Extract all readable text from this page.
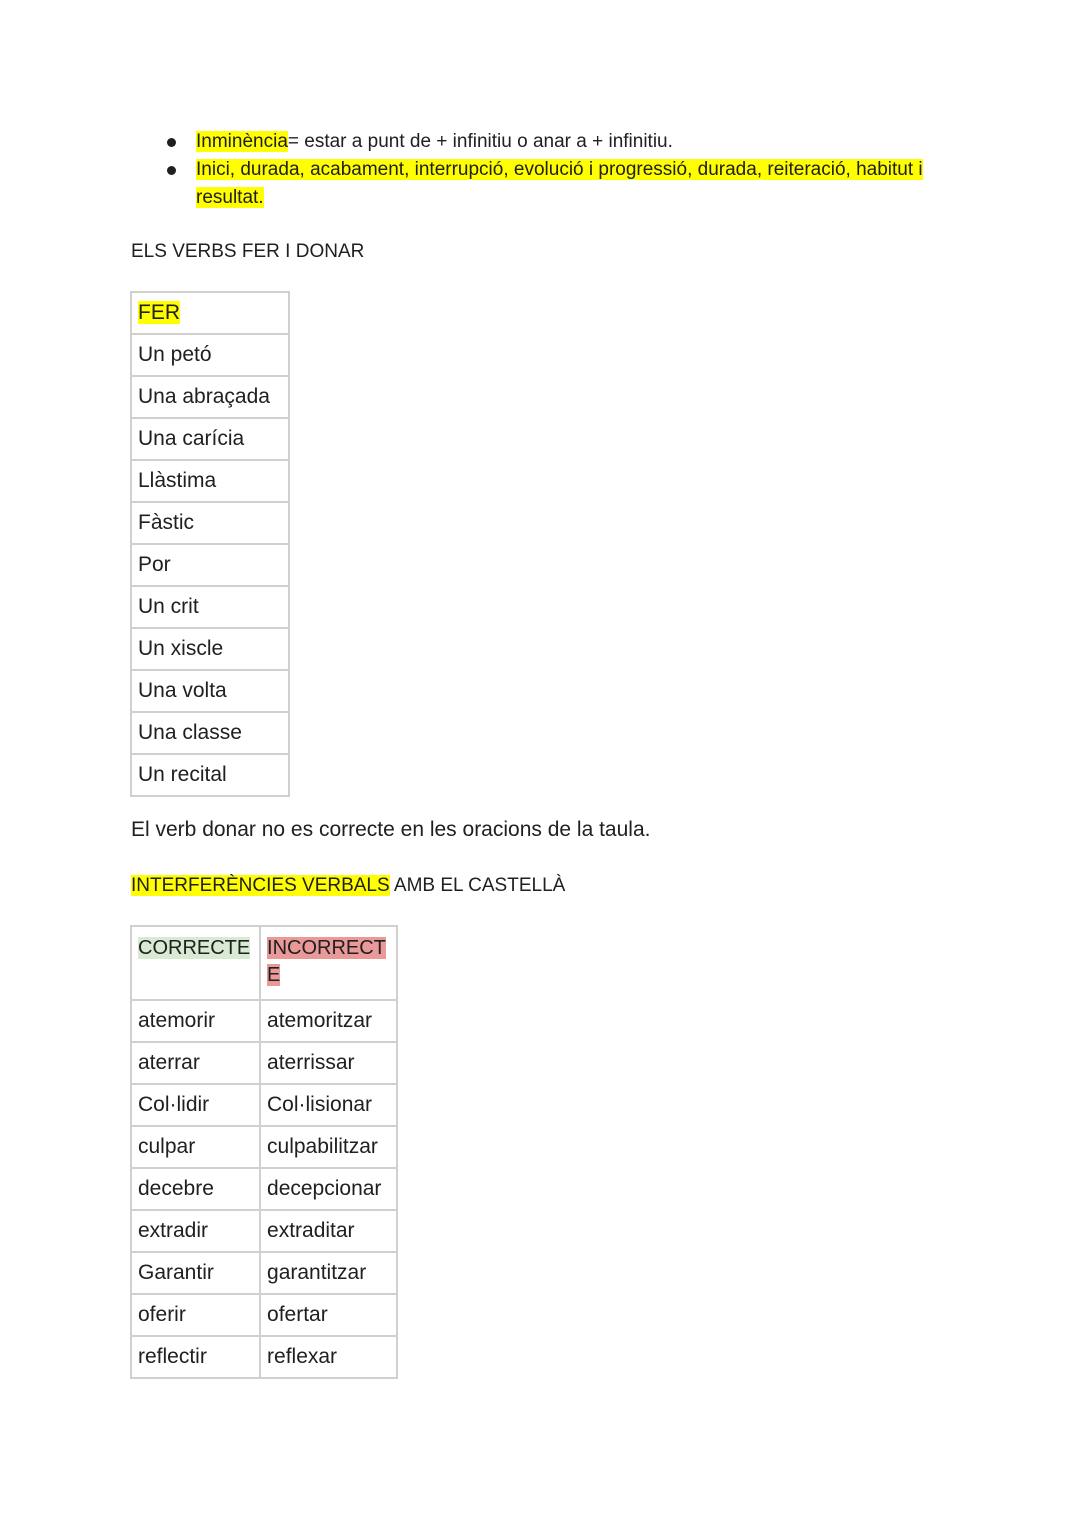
Inminència= estar a punt de + infinitiu o anar a + infinitiu.
Inici, durada, acabament, interrupció, evolució i progressió, durada, reiteració, habitut i resultat.
ELS VERBS FER I DONAR
FER
Un petó
Una abraçada
Una carícia
Llàstima
Fàstic
Por
Un crit
Un xiscle
Una volta
Una classe
Un recital

El verb donar no es correcte en les oracions de la taula.

INTERFERÈNCIES VERBALS AMB EL CASTELLÀ
CORRECTE	INCORRECTE
atemorir	atemoritzar
aterrar	aterrissar
Col·lidir	Col·lisionar
culpar	culpabilitzar
decebre	decepcionar
extradir	extraditar
Garantir	garantitzar
oferir	ofertar
reflectir	reflexar
